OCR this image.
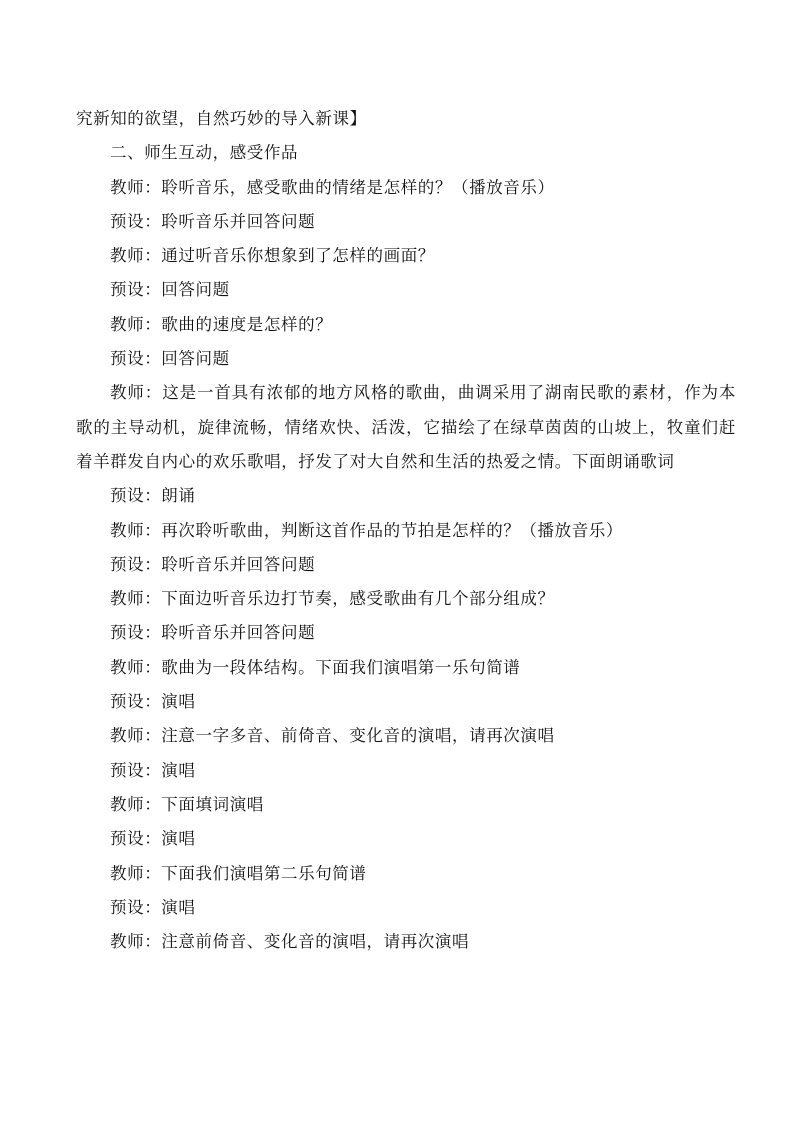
究新知的欲望，自然巧妙的导入新课】
二、师生互动，感受作品
教师：聆听音乐，感受歌曲的情绪是怎样的？（播放音乐）
预设：聆听音乐并回答问题
教师：通过听音乐你想象到了怎样的画面？
预设：回答问题
教师：歌曲的速度是怎样的？
预设：回答问题
教师：这是一首具有浓郁的地方风格的歌曲，曲调采用了湖南民歌的素材，作为本歌的主导动机，旋律流畅，情绪欢快、活泼，它描绘了在绿草茵茵的山坡上，牧童们赶着羊群发自内心的欢乐歌唱，抒发了对大自然和生活的热爱之情。下面朗诵歌词
预设：朗诵
教师：再次聆听歌曲，判断这首作品的节拍是怎样的？（播放音乐）
预设：聆听音乐并回答问题
教师：下面边听音乐边打节奏，感受歌曲有几个部分组成？
预设：聆听音乐并回答问题
教师：歌曲为一段体结构。下面我们演唱第一乐句简谱
预设：演唱
教师：注意一字多音、前倚音、变化音的演唱，请再次演唱
预设：演唱
教师：下面填词演唱
预设：演唱
教师：下面我们演唱第二乐句简谱
预设：演唱
教师：注意前倚音、变化音的演唱，请再次演唱
